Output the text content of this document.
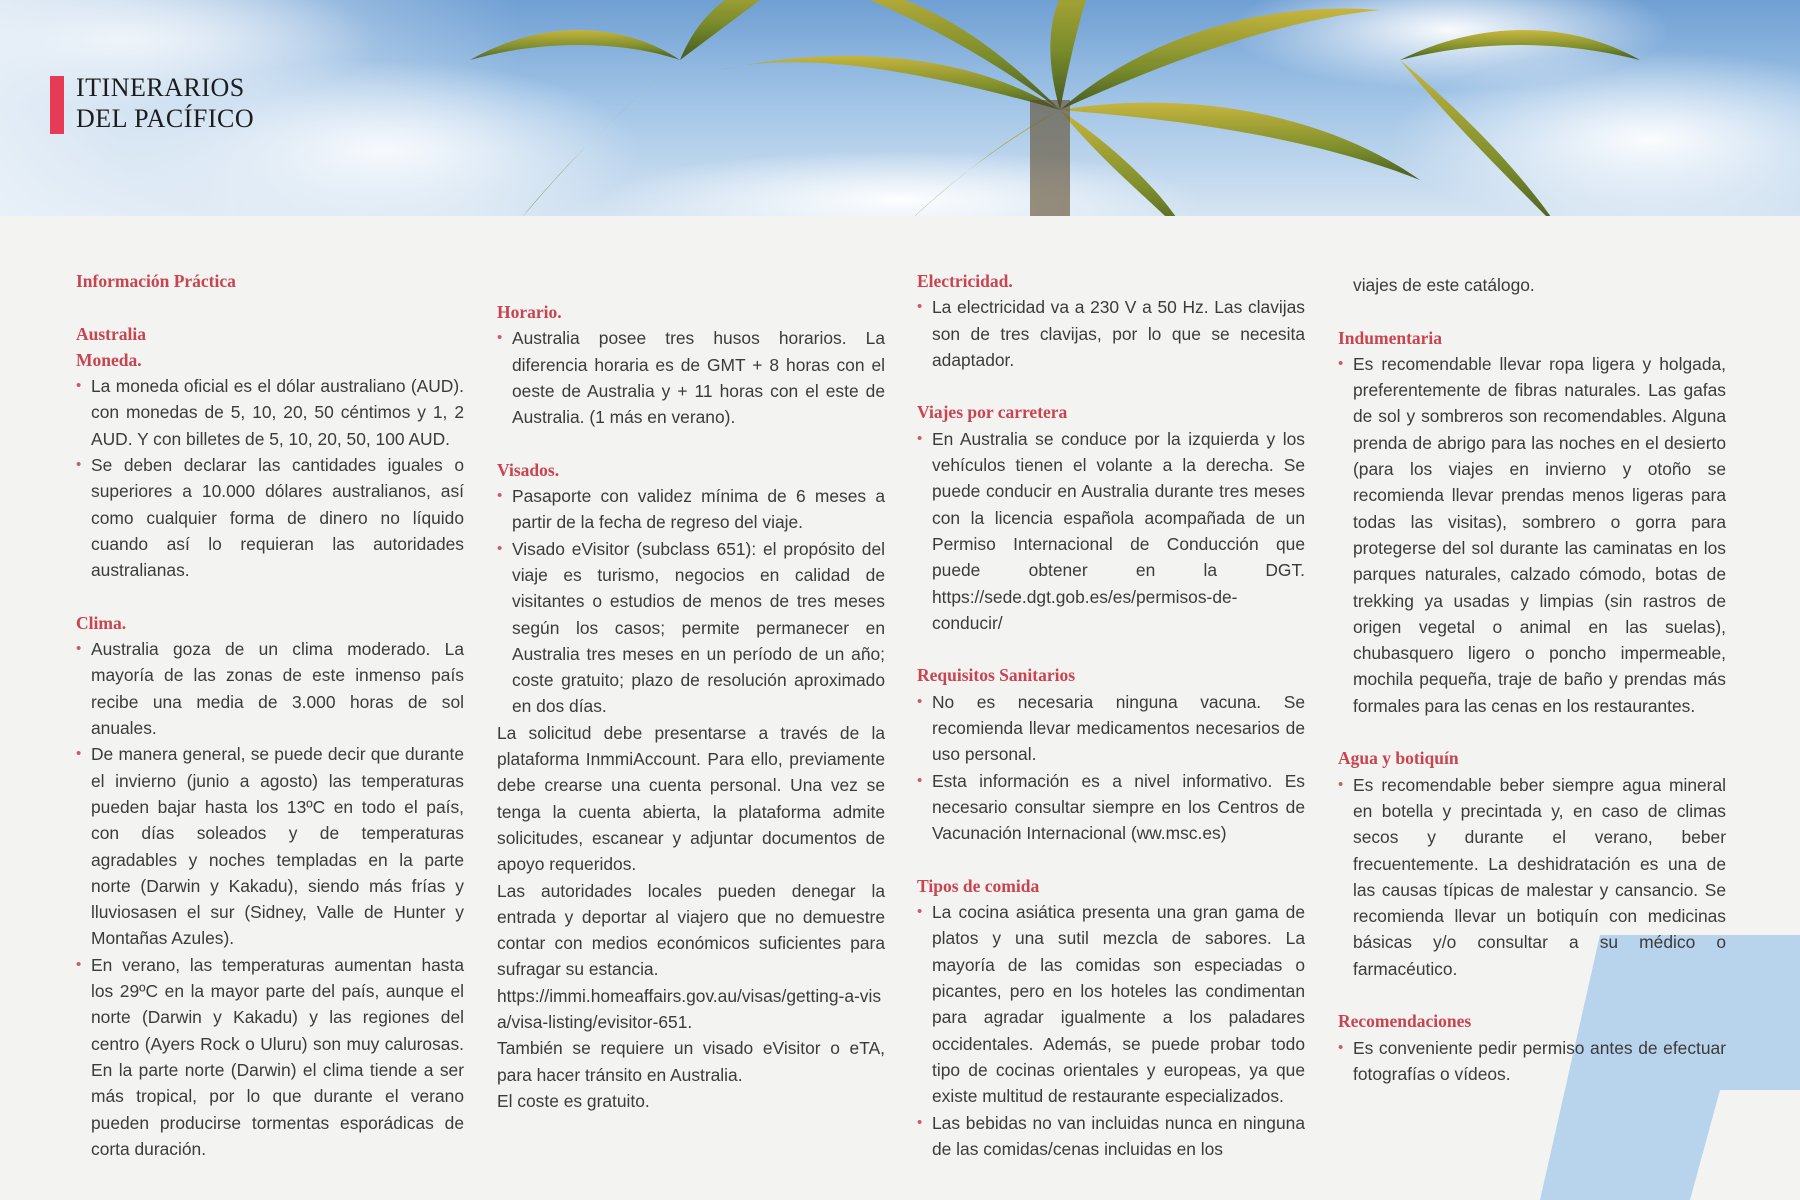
ITINERARIOS
DEL PACÍFICO
Información Práctica
Australia
Moneda.
• La moneda oficial es el dólar australiano (AUD). con monedas de 5, 10, 20, 50 céntimos y 1, 2 AUD. Y con billetes de 5, 10, 20, 50, 100 AUD.
• Se deben declarar las cantidades iguales o superiores a 10.000 dólares australianos, así como cualquier forma de dinero no líquido cuando así lo requieran las autoridades australianas.
Clima.
• Australia goza de un clima moderado. La mayoría de las zonas de este inmenso país recibe una media de 3.000 horas de sol anuales.
• De manera general, se puede decir que durante el invierno (junio a agosto) las temperaturas pueden bajar hasta los 13ºC en todo el país, con días soleados y de temperaturas agradables y noches templadas en la parte norte (Darwin y Kakadu), siendo más frías y lluviosasen el sur (Sidney, Valle de Hunter y Montañas Azules).
• En verano, las temperaturas aumentan hasta los 29ºC en la mayor parte del país, aunque el norte (Darwin y Kakadu) y las regiones del centro (Ayers Rock o Uluru) son muy calurosas. En la parte norte (Darwin) el clima tiende a ser más tropical, por lo que durante el verano pueden producirse tormentas esporádicas de corta duración.
Horario.
• Australia posee tres husos horarios. La diferencia horaria es de GMT + 8 horas con el oeste de Australia y + 11 horas con el este de Australia. (1 más en verano).
Visados.
• Pasaporte con validez mínima de 6 meses a partir de la fecha de regreso del viaje.
• Visado eVisitor (subclass 651): el propósito del viaje es turismo, negocios en calidad de visitantes o estudios de menos de tres meses según los casos; permite permanecer en Australia tres meses en un período de un año; coste gratuito; plazo de resolución aproximado en dos días.

La solicitud debe presentarse a través de la plataforma InmmiAccount. Para ello, previamente debe crearse una cuenta personal. Una vez se tenga la cuenta abierta, la plataforma admite solicitudes, escanear y adjuntar documentos de apoyo requeridos.

Las autoridades locales pueden denegar la entrada y deportar al viajero que no demuestre contar con medios económicos suficientes para sufragar su estancia.

https://immi.homeaffairs.gov.au/visas/getting-a-visa/visa-listing/evisitor-651.

También se requiere un visado eVisitor o eTA, para hacer tránsito en Australia.

El coste es gratuito.

Electricidad.
• La electricidad va a 230 V a 50 Hz. Las clavijas son de tres clavijas, por lo que se necesita adaptador.
Viajes por carretera
• En Australia se conduce por la izquierda y los vehículos tienen el volante a la derecha. Se puede conducir en Australia durante tres meses con la licencia española acompañada de un Permiso Internacional de Conducción que puede obtener en la DGT. https://sede.dgt.gob.es/es/permisos-de-conducir/
Requisitos Sanitarios
• No es necesaria ninguna vacuna. Se recomienda llevar medicamentos necesarios de uso personal.
• Esta información es a nivel informativo. Es necesario consultar siempre en los Centros de Vacunación Internacional (ww.msc.es)
Tipos de comida
• La cocina asiática presenta una gran gama de platos y una sutil mezcla de sabores. La mayoría de las comidas son especiadas o picantes, pero en los hoteles las condimentan para agradar igualmente a los paladares occidentales. Además, se puede probar todo tipo de cocinas orientales y europeas, ya que existe multitud de restaurante especializados.
• Las bebidas no van incluidas nunca en ninguna de las comidas/cenas incluidas en los

viajes de este catálogo.

Indumentaria
• Es recomendable llevar ropa ligera y holgada, preferentemente de fibras naturales. Las gafas de sol y sombreros son recomendables. Alguna prenda de abrigo para las noches en el desierto (para los viajes en invierno y otoño se recomienda llevar prendas menos ligeras para todas las visitas), sombrero o gorra para protegerse del sol durante las caminatas en los parques naturales, calzado cómodo, botas de trekking ya usadas y limpias (sin rastros de origen vegetal o animal en las suelas), chubasquero ligero o poncho impermeable, mochila pequeña, traje de baño y prendas más formales para las cenas en los restaurantes.
Agua y botiquín
• Es recomendable beber siempre agua mineral en botella y precintada y, en caso de climas secos y durante el verano, beber frecuentemente. La deshidratación es una de las causas típicas de malestar y cansancio. Se recomienda llevar un botiquín con medicinas básicas y/o consultar a su médico o farmacéutico.
Recomendaciones
• Es conveniente pedir permiso antes de efectuar fotografías o vídeos.
